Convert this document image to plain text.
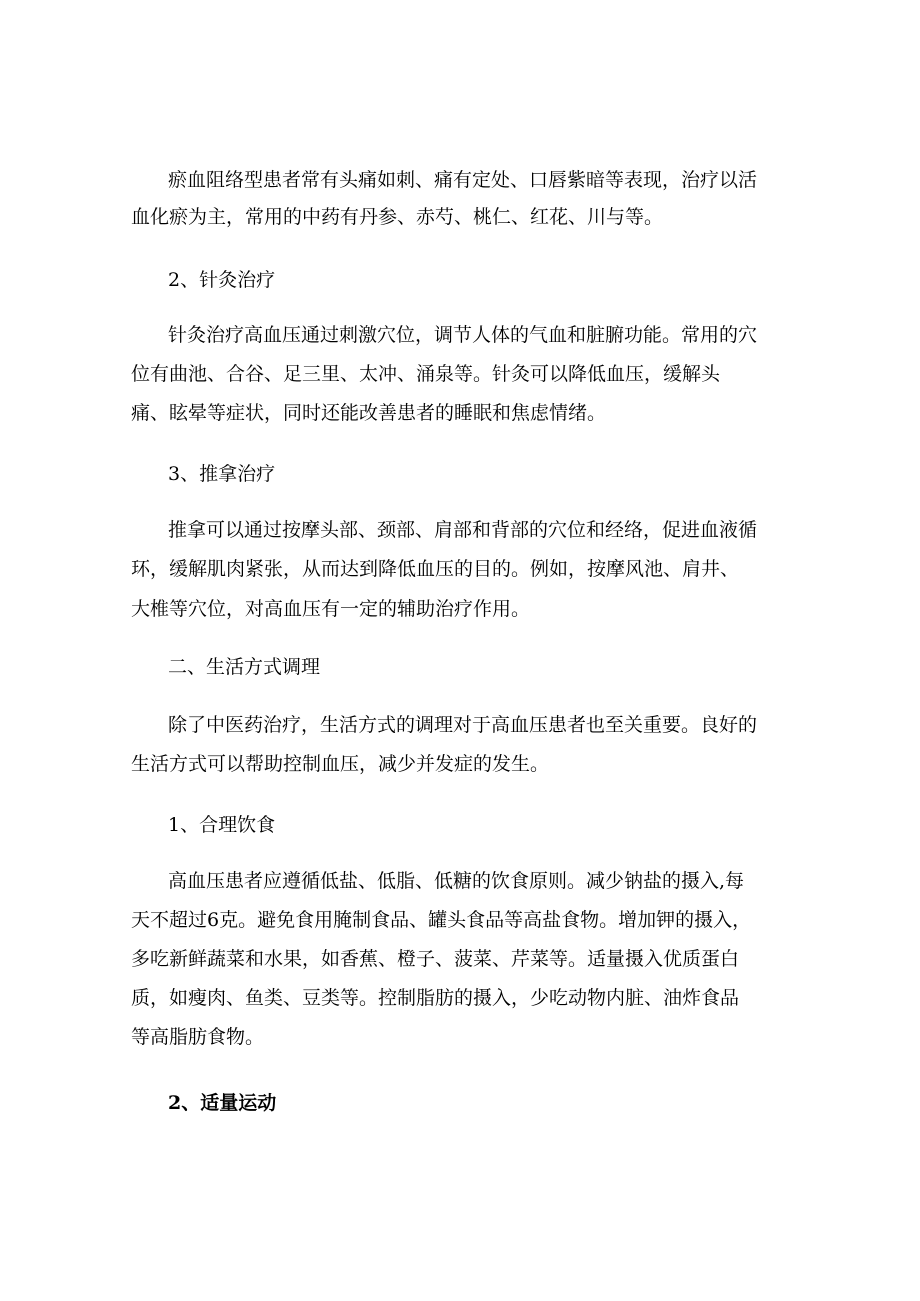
瘀血阻络型患者常有头痛如刺、痛有定处、口唇紫暗等表现，治疗以活
血化瘀为主，常用的中药有丹参、赤芍、桃仁、红花、川与等。
2、针灸治疗
针灸治疗高血压通过刺激穴位，调节人体的气血和脏腑功能。常用的穴
位有曲池、合谷、足三里、太冲、涌泉等。针灸可以降低血压，缓解头
痛、眩晕等症状，同时还能改善患者的睡眠和焦虑情绪。
3、推拿治疗
推拿可以通过按摩头部、颈部、肩部和背部的穴位和经络，促进血液循
环，缓解肌肉紧张，从而达到降低血压的目的。例如，按摩风池、肩井、
大椎等穴位，对高血压有一定的辅助治疗作用。
二、生活方式调理
除了中医药治疗，生活方式的调理对于高血压患者也至关重要。良好的
生活方式可以帮助控制血压，减少并发症的发生。
1、合理饮食
高血压患者应遵循低盐、低脂、低糖的饮食原则。减少钠盐的摄入,每
天不超过6克。避免食用腌制食品、罐头食品等高盐食物。增加钾的摄入，
多吃新鲜蔬菜和水果，如香蕉、橙子、菠菜、芹菜等。适量摄入优质蛋白
质，如瘦肉、鱼类、豆类等。控制脂肪的摄入，少吃动物内脏、油炸食品
等高脂肪食物。
2、适量运动
